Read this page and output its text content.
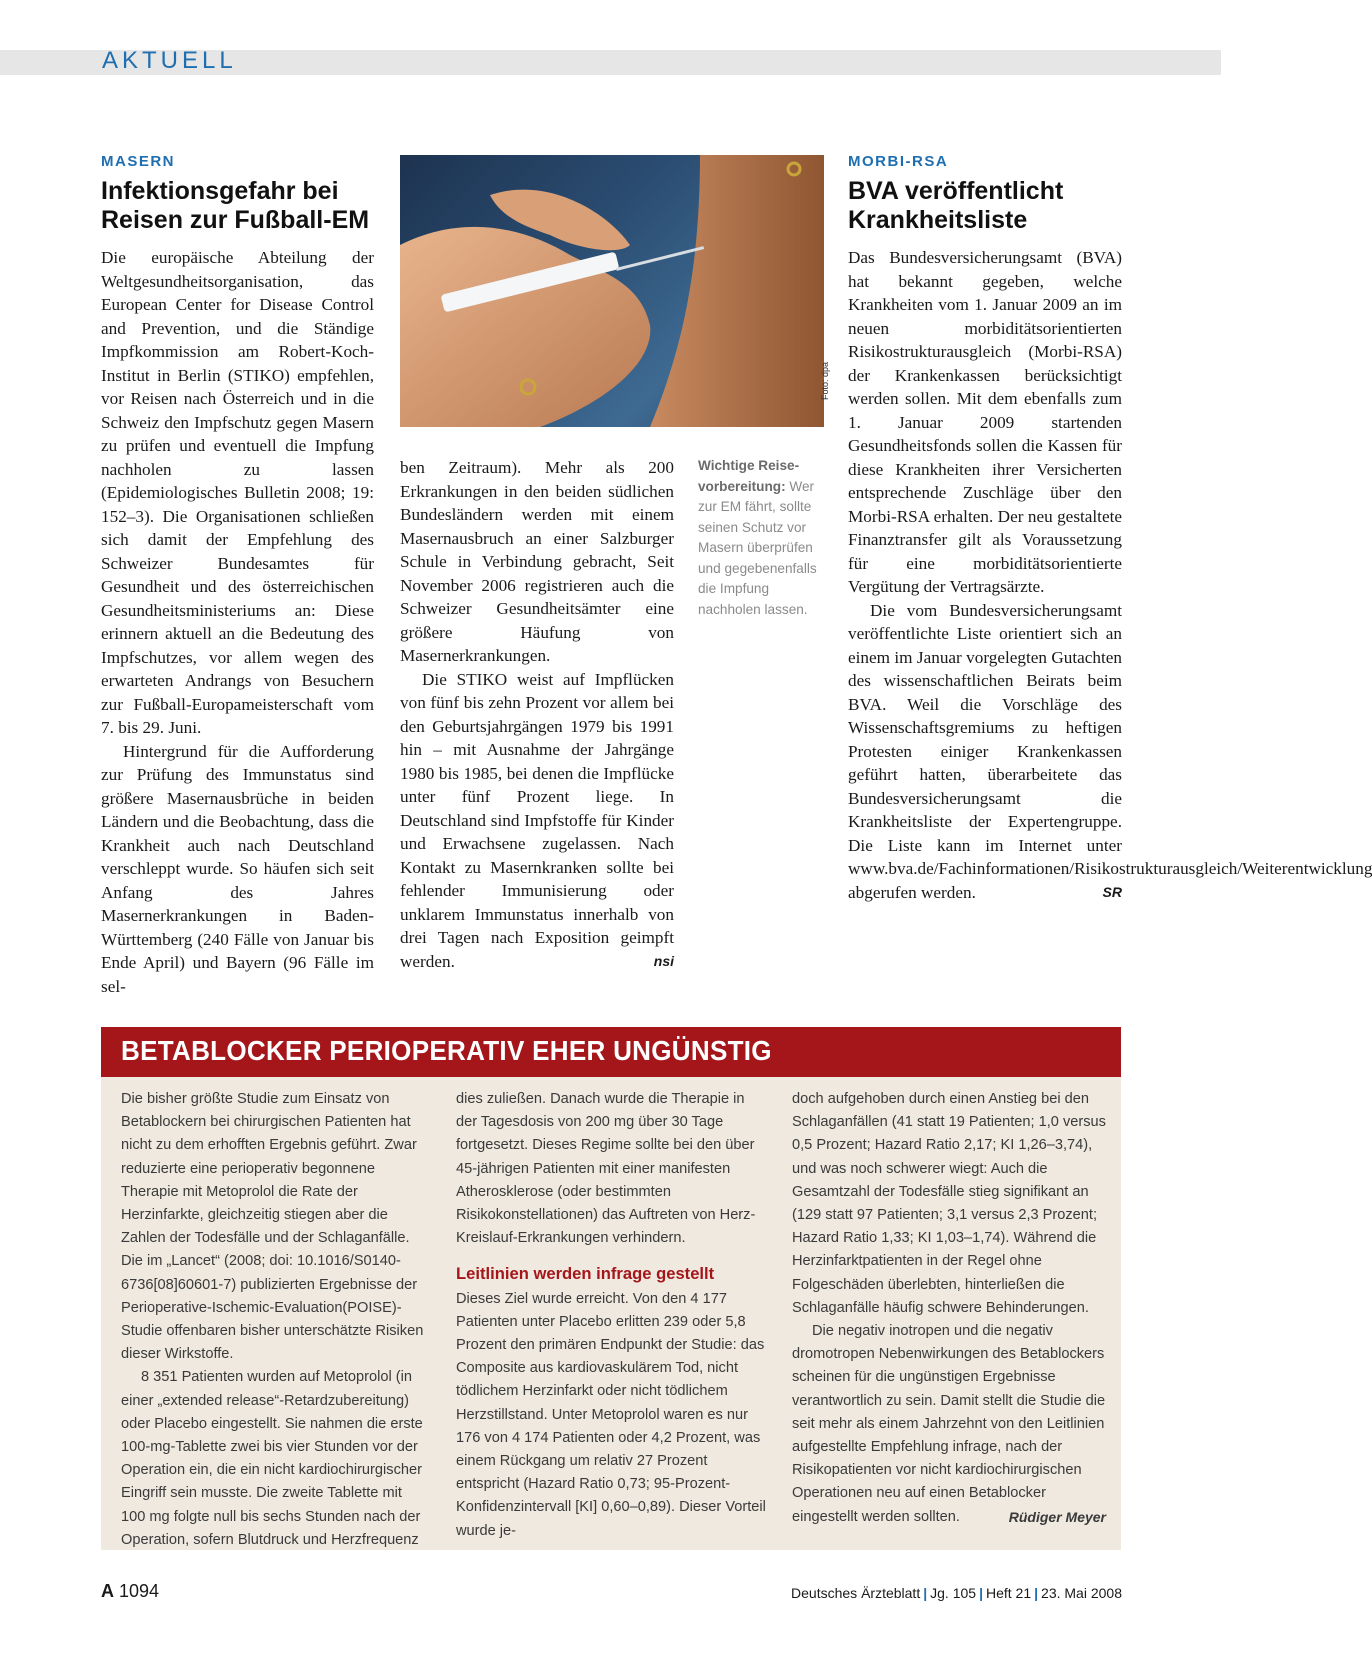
AKTUELL
MASERN
Infektionsgefahr bei
Reisen zur Fußball-EM

Die europäische Abteilung der Weltgesundheitsorganisation, das European Center for Disease Control and Prevention, und die Ständige Impfkommission am Robert-Koch-Institut in Berlin (STIKO) empfehlen, vor Reisen nach Österreich und in die Schweiz den Impfschutz gegen Masern zu prüfen und eventuell die Impfung nachholen zu lassen (Epidemiologisches Bulletin 2008; 19: 152–3). Die Organisationen schließen sich damit der Empfehlung des Schweizer Bundesamtes für Gesundheit und des österreichischen Gesundheitsministeriums an: Diese erinnern aktuell an die Bedeutung des Impfschutzes, vor allem wegen des erwarteten Andrangs von Besuchern zur Fußball-Europameisterschaft vom 7. bis 29. Juni.

Hintergrund für die Aufforderung zur Prüfung des Immunstatus sind größere Masernausbrüche in beiden Ländern und die Beobachtung, dass die Krankheit auch nach Deutschland verschleppt wurde. So häufen sich seit Anfang des Jahres Masernerkrankungen in Baden-Württemberg (240 Fälle von Januar bis Ende April) und Bayern (96 Fälle im sel-

Foto: dpa

ben Zeitraum). Mehr als 200 Erkrankungen in den beiden südlichen Bundesländern werden mit einem Masernausbruch an einer Salzburger Schule in Verbindung gebracht, Seit November 2006 registrieren auch die Schweizer Gesundheitsämter eine größere Häufung von Masernerkrankungen.

Die STIKO weist auf Impflücken von fünf bis zehn Prozent vor allem bei den Geburtsjahrgängen 1979 bis 1991 hin – mit Ausnahme der Jahrgänge 1980 bis 1985, bei denen die Impflücke unter fünf Prozent liege. In Deutschland sind Impfstoffe für Kinder und Erwachsene zugelassen. Nach Kontakt zu Masernkranken sollte bei fehlender Immunisierung oder unklarem Immunstatus innerhalb von drei Tagen nach Exposition geimpft werden.	nsi

Wichtige Reise-
vorbereitung: Wer zur EM fährt, sollte seinen Schutz vor Masern überprüfen und gegebenenfalls die Impfung nachholen lassen.
MORBI-RSA
BVA veröffentlicht
Krankheitsliste

Das Bundesversicherungsamt (BVA) hat bekannt gegeben, welche Krankheiten vom 1. Januar 2009 an im neuen morbiditätsorientierten Risikostrukturausgleich (Morbi-RSA) der Krankenkassen berücksichtigt werden sollen. Mit dem ebenfalls zum 1. Januar 2009 startenden Gesundheitsfonds sollen die Kassen für diese Krankheiten ihrer Versicherten entsprechende Zuschläge über den Morbi-RSA erhalten. Der neu gestaltete Finanztransfer gilt als Voraussetzung für eine morbiditätsorientierte Vergütung der Vertragsärzte.

Die vom Bundesversicherungsamt veröffentlichte Liste orientiert sich an einem im Januar vorgelegten Gutachten des wissenschaftlichen Beirats beim BVA. Weil die Vorschläge des Wissenschaftsgremiums zu heftigen Protesten einiger Krankenkassen geführt hatten, überarbeitete das Bundesversicherungsamt die Krankheitsliste der Expertengruppe. Die Liste kann im Internet unter www.bva.de/Fachinformationen/Risikostrukturausgleich/Weiterentwicklung abgerufen werden.	SR

BETABLOCKER PERIOPERATIV EHER UNGÜNSTIG

Die bisher größte Studie zum Einsatz von Betablockern bei chirurgischen Patienten hat nicht zu dem erhofften Ergebnis geführt. Zwar reduzierte eine perioperativ begonnene Therapie mit Metoprolol die Rate der Herzinfarkte, gleichzeitig stiegen aber die Zahlen der Todesfälle und der Schlaganfälle. Die im „Lancet“ (2008; doi: 10.1016/S0140-6736[08]60601-7) publizierten Ergebnisse der Perioperative-Ischemic-Evaluation(POISE)-Studie offenbaren bisher unterschätzte Risiken dieser Wirkstoffe.

8 351 Patienten wurden auf Metoprolol (in einer „extended release“-Retardzubereitung) oder Placebo eingestellt. Sie nahmen die erste 100-mg-Tablette zwei bis vier Stunden vor der Operation ein, die ein nicht kardiochirurgischer Eingriff sein musste. Die zweite Tablette mit 100 mg folgte null bis sechs Stunden nach der Operation, sofern Blutdruck und Herzfrequenz

dies zuließen. Danach wurde die Therapie in der Tagesdosis von 200 mg über 30 Tage fortgesetzt. Dieses Regime sollte bei den über 45-jährigen Patienten mit einer manifesten Atherosklerose (oder bestimmten Risikokonstellationen) das Auftreten von Herz-Kreislauf-Erkrankungen verhindern.

Leitlinien werden infrage gestellt

Dieses Ziel wurde erreicht. Von den 4 177 Patienten unter Placebo erlitten 239 oder 5,8 Prozent den primären Endpunkt der Studie: das Composite aus kardiovaskulärem Tod, nicht tödlichem Herzinfarkt oder nicht tödlichem Herzstillstand. Unter Metoprolol waren es nur 176 von 4 174 Patienten oder 4,2 Prozent, was einem Rückgang um relativ 27 Prozent entspricht (Hazard Ratio 0,73; 95-Prozent-Konfidenzintervall [KI] 0,60–0,89). Dieser Vorteil wurde je-

doch aufgehoben durch einen Anstieg bei den Schlaganfällen (41 statt 19 Patienten; 1,0 versus 0,5 Prozent; Hazard Ratio 2,17; KI 1,26–3,74), und was noch schwerer wiegt: Auch die Gesamtzahl der Todesfälle stieg signifikant an (129 statt 97 Patienten; 3,1 versus 2,3 Prozent; Hazard Ratio 1,33; KI 1,03–1,74). Während die Herzinfarktpatienten in der Regel ohne Folgeschäden überlebten, hinterließen die Schlaganfälle häufig schwere Behinderungen.

Die negativ inotropen und die negativ dromotropen Nebenwirkungen des Betablockers scheinen für die ungünstigen Ergebnisse verantwortlich zu sein. Damit stellt die Studie die seit mehr als einem Jahrzehnt von den Leitlinien aufgestellte Empfehlung infrage, nach der Risikopatienten vor nicht kardiochirurgischen Operationen neu auf einen Betablocker eingestellt werden sollten.	Rüdiger Meyer

A 1094	Deutsches Ärzteblatt | Jg. 105 | Heft 21 | 23. Mai 2008
